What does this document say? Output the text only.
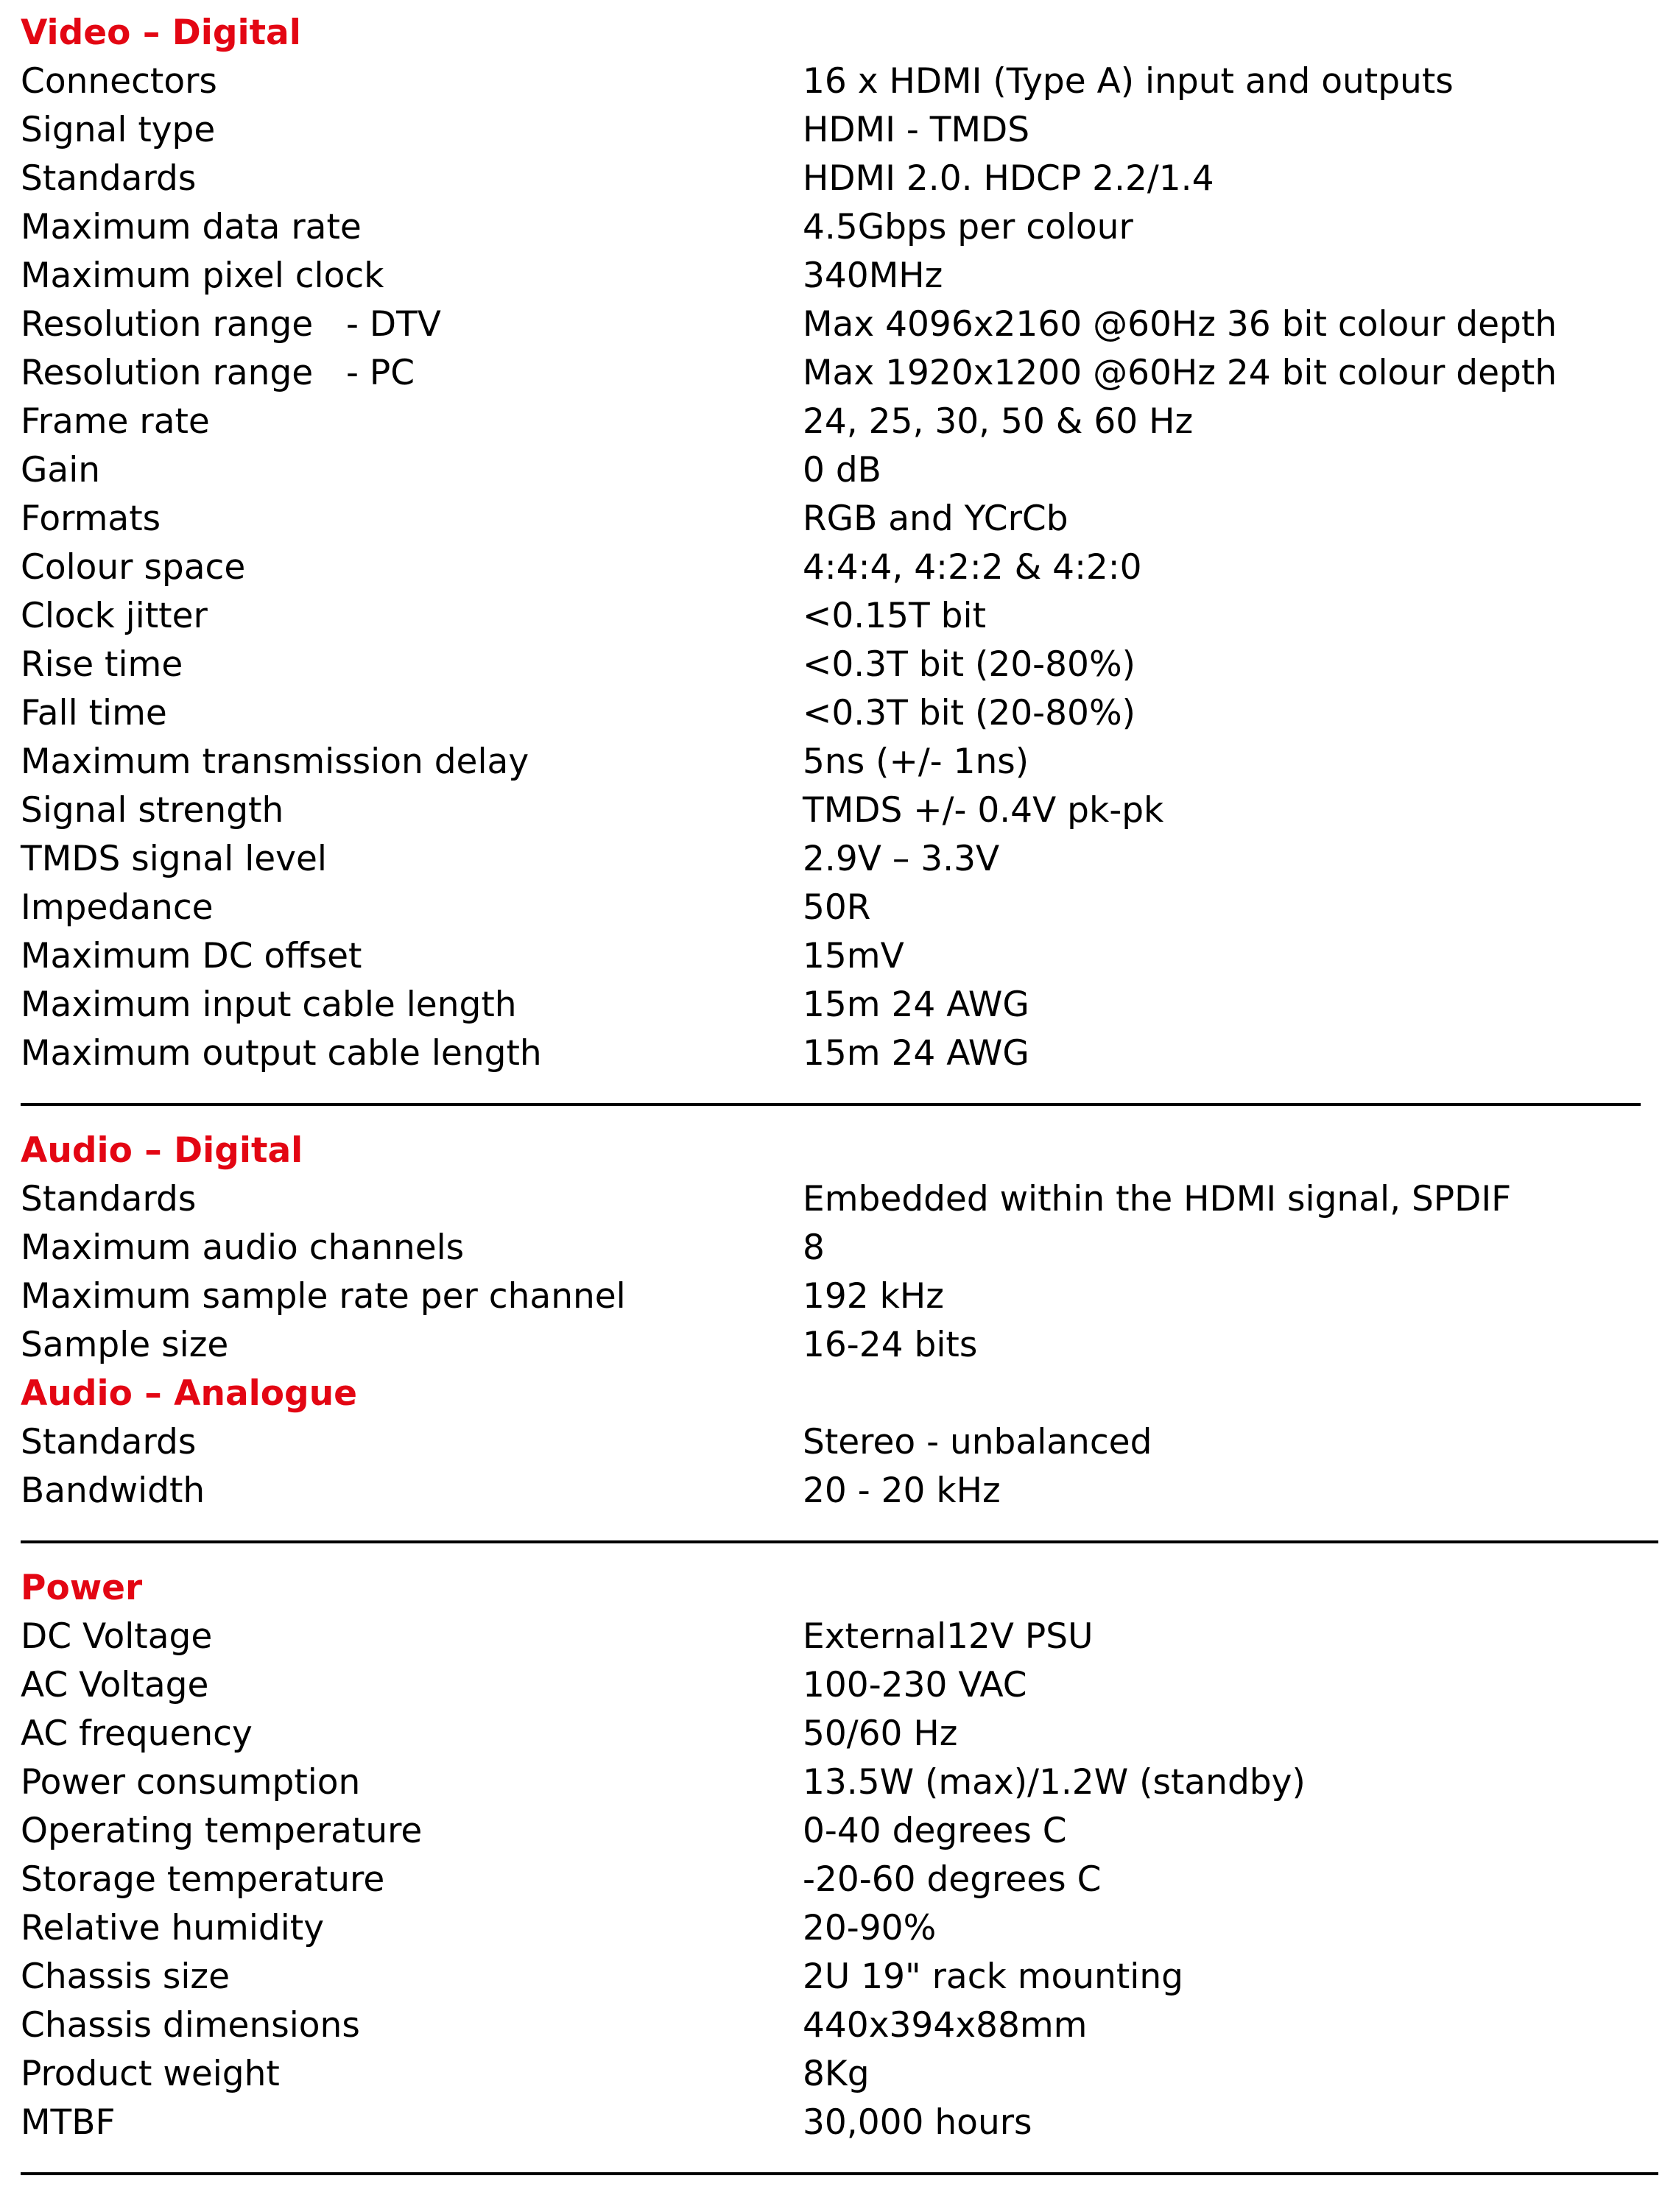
Video – Digital
Connectors	16 x HDMI (Type A) input and outputs
Signal type	HDMI - TMDS
Standards	HDMI 2.0. HDCP 2.2/1.4
Maximum data rate	4.5Gbps per colour
Maximum pixel clock	340MHz
Resolution range   - DTV	Max 4096x2160 @60Hz 36 bit colour depth
Resolution range   - PC	Max 1920x1200 @60Hz 24 bit colour depth
Frame rate	24, 25, 30, 50 & 60 Hz
Gain	0 dB
Formats	RGB and YCrCb
Colour space	4:4:4, 4:2:2 & 4:2:0
Clock jitter	<0.15T bit
Rise time	<0.3T bit (20-80%)
Fall time	<0.3T bit (20-80%)
Maximum transmission delay	5ns (+/- 1ns)
Signal strength	TMDS +/- 0.4V pk-pk
TMDS signal level	2.9V – 3.3V
Impedance	50R
Maximum DC offset	15mV
Maximum input cable length	15m 24 AWG
Maximum output cable length	15m 24 AWG
Audio – Digital
Standards	Embedded within the HDMI signal, SPDIF
Maximum audio channels	8
Maximum sample rate per channel	192 kHz
Sample size	16-24 bits
Audio – Analogue
Standards	Stereo - unbalanced
Bandwidth	20 - 20 kHz
Power
DC Voltage	External12V PSU
AC Voltage	100-230 VAC
AC frequency	50/60 Hz
Power consumption	13.5W (max)/1.2W (standby)
Operating temperature	0-40 degrees C
Storage temperature	-20-60 degrees C
Relative humidity	20-90%
Chassis size	2U 19" rack mounting
Chassis dimensions	440x394x88mm
Product weight	8Kg
MTBF	30,000 hours
